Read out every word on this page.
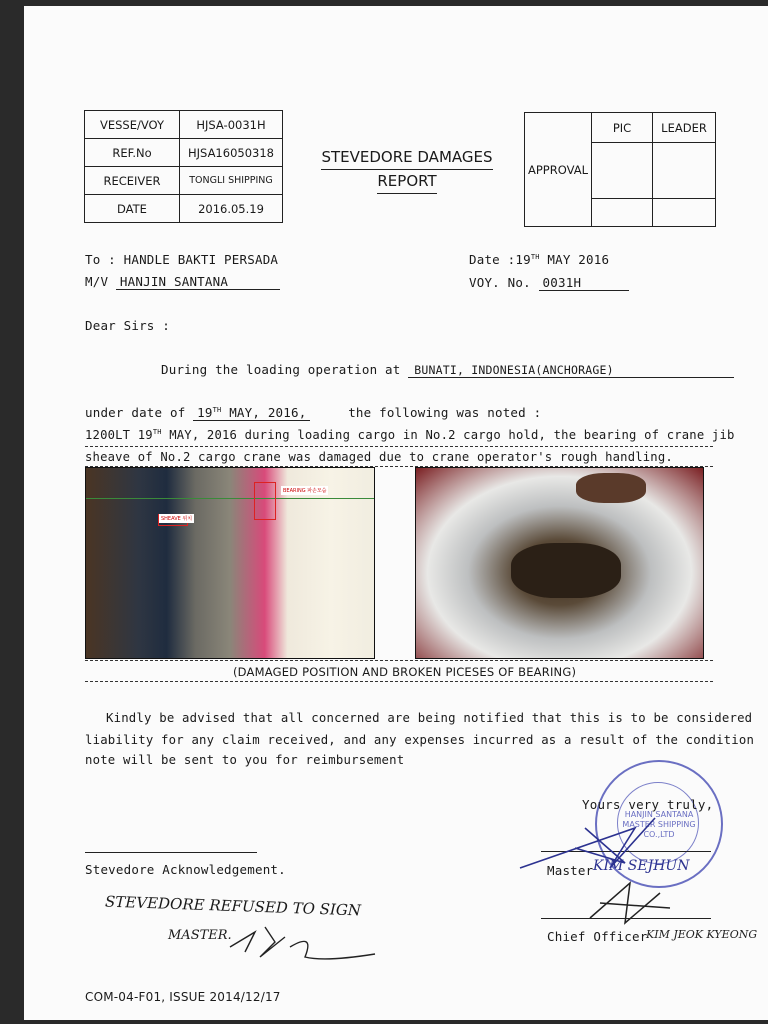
VESSE/VOY	HJSA-0031H
REF.No	HJSA16050318
RECEIVER	TONGLI SHIPPING
DATE	2016.05.19
STEVEDORE DAMAGES
REPORT
APPROVAL	PIC	LEADER

To : HANDLE BAKTI PERSADA
M/V HANJIN SANTANA
Date :19TH MAY 2016
VOY. No. 0031H
Dear Sirs :
During the loading operation at BUNATI, INDONESIA(ANCHORAGE)
under date of 19TH MAY, 2016,	the following was noted :
1200LT 19TH MAY, 2016 during loading cargo in No.2 cargo hold, the bearing of crane jib
sheave of No.2 cargo crane was damaged due to crane operator's rough handling.
BEARING 파손모습
SHEAVE 위치
(DAMAGED POSITION AND BROKEN PICESES OF BEARING)
Kindly be advised that all concerned are being notified that this is to be considered
liability for any claim received, and any expenses incurred as a result of the condition
note will be sent to you for reimbursement
HANJIN SANTANA MASTER SHIPPING CO.,LTD
Yours very truly,
Master KIM SEJHUN
Chief Officer
KIM JEOK KYEONG
Stevedore Acknowledgement.
STEVEDORE REFUSED TO SIGN
MASTER.
COM-04-F01, ISSUE 2014/12/17
